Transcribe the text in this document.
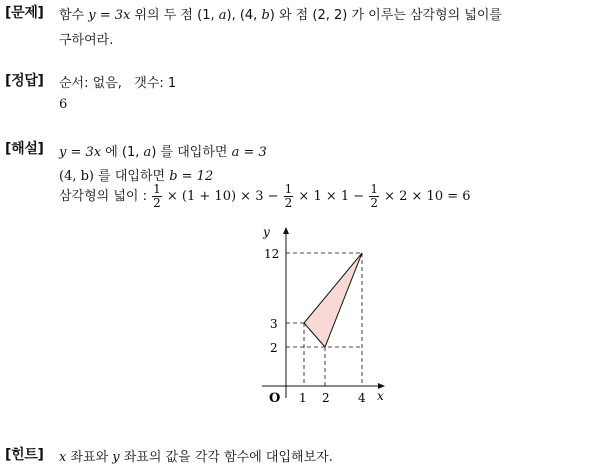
[문제] 함수 y = 3x 위의 두 점 (1, a), (4, b) 와 점 (2, 2) 가 이루는 삼각형의 넓이를
구하여라.
[정답] 순서: 없음,   갯수: 1
6
[해설] y = 3x 에 (1, a) 를 대입하면 a = 3
(4, b) 를 대입하면 b = 12
삼각형의 넓이 : $\frac{1}{2} \times (1 + 10) \times 3 - \frac{1}{2} \times 1 \times 1 - \frac{1}{2} \times 2 \times 10 = 6$
y
x
O 1 2 4
2
3
12
[힌트] x 좌표와 y 좌표의 값을 각각 함수에 대입해보자.
